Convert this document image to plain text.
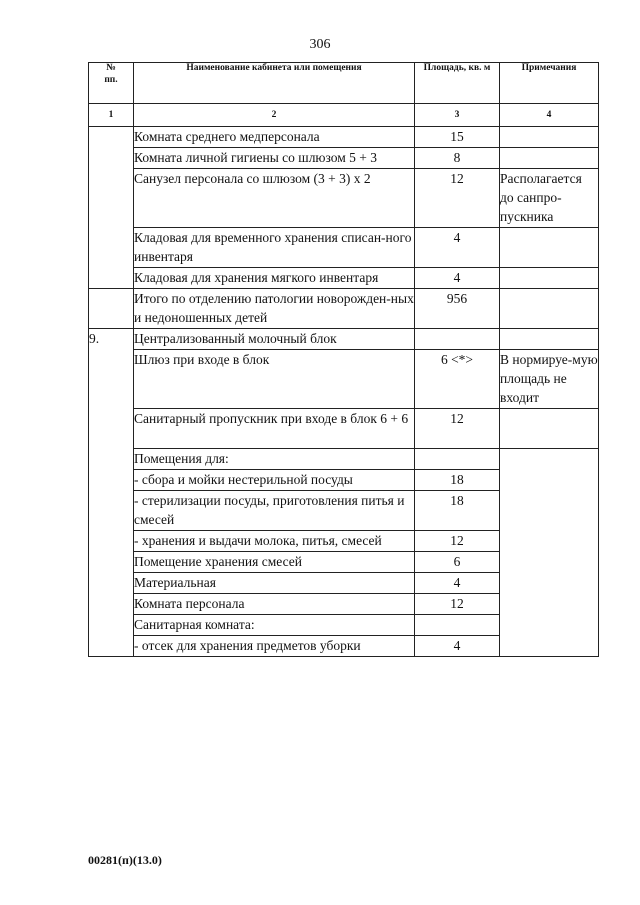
306
№
пп.	Наименование кабинета или помещения	Площадь, кв. м	Примечания
1	2	3	4
	Комната среднего медперсонала	15	
	Комната личной гигиены со шлюзом 5 + 3	8	
	Санузел персонала со шлюзом (3 + 3) x 2	12	Располагается до санпро-пускника
	Кладовая для временного хранения списан-ного инвентаря	4	
	Кладовая для хранения мягкого инвентаря	4	
	Итого по отделению патологии новорожден-ных и недоношенных детей	956	
9.	Централизованный молочный блок		
	Шлюз при входе в блок	6 <*>	В нормируе-мую площадь не входит
	Санитарный пропускник при входе в блок 6 + 6	12	
	Помещения для:		
	- сбора и мойки нестерильной посуды	18	
	- стерилизации посуды, приготовления питья и смесей	18	
	- хранения и выдачи молока, питья, смесей	12	
	Помещение хранения смесей	6	
	Материальная	4	
	Комната персонала	12	
	Санитарная комната:		
	- отсек для хранения предметов уборки	4	
00281(п)(13.0)
